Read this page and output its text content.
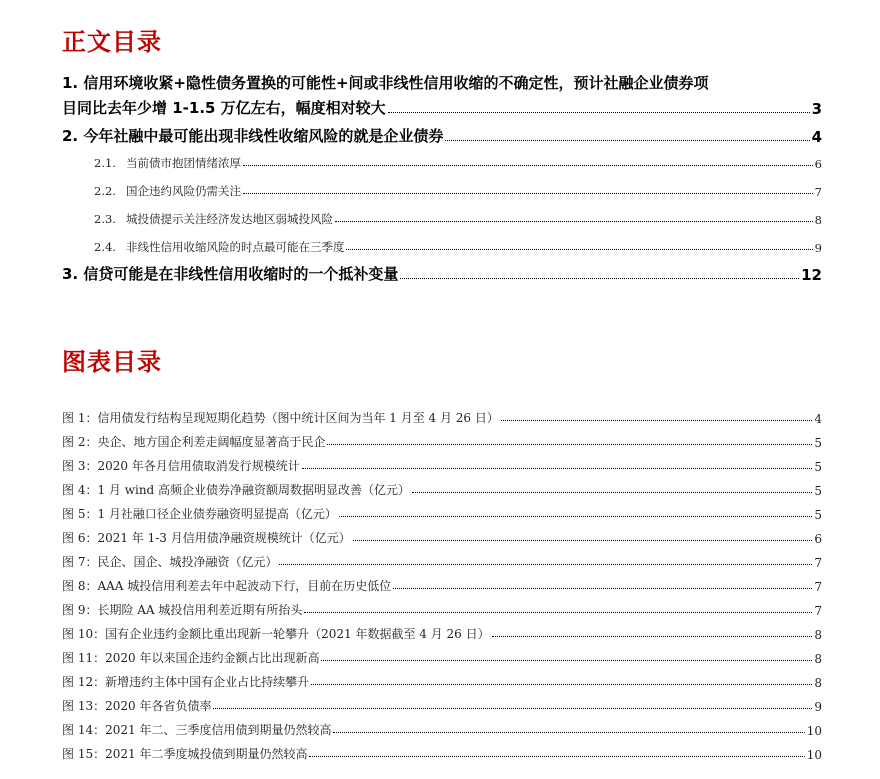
正文目录
1. 信用环境收紧+隐性债务置换的可能性+间或非线性信用收缩的不确定性，预计社融企业债券项
目同比去年少增 1-1.5 万亿左右，幅度相对较大	3
2. 今年社融中最可能出现非线性收缩风险的就是企业债券	4
2.1. 当前债市抱团情绪浓厚	6
2.2. 国企违约风险仍需关注	7
2.3. 城投债提示关注经济发达地区弱城投风险	8
2.4. 非线性信用收缩风险的时点最可能在三季度	9
3. 信贷可能是在非线性信用收缩时的一个抵补变量	12
图表目录
图 1：信用债发行结构呈现短期化趋势（图中统计区间为当年 1 月至 4 月 26 日）	4
图 2：央企、地方国企利差走阔幅度显著高于民企	5
图 3：2020 年各月信用债取消发行规模统计	5
图 4：1 月 wind 高频企业债券净融资额周数据明显改善（亿元）	5
图 5：1 月社融口径企业债券融资明显提高（亿元）	5
图 6：2021 年 1-3 月信用债净融资规模统计（亿元）	6
图 7：民企、国企、城投净融资（亿元）	7
图 8：AAA 城投信用利差去年中起波动下行，目前在历史低位	7
图 9：长期险 AA 城投信用利差近期有所抬头	7
图 10：国有企业违约金额比重出现新一轮攀升（2021 年数据截至 4 月 26 日）	8
图 11：2020 年以来国企违约金额占比出现新高	8
图 12：新增违约主体中国有企业占比持续攀升	8
图 13：2020 年各省负债率	9
图 14：2021 年二、三季度信用债到期量仍然较高	10
图 15：2021 年二季度城投债到期量仍然较高	10
